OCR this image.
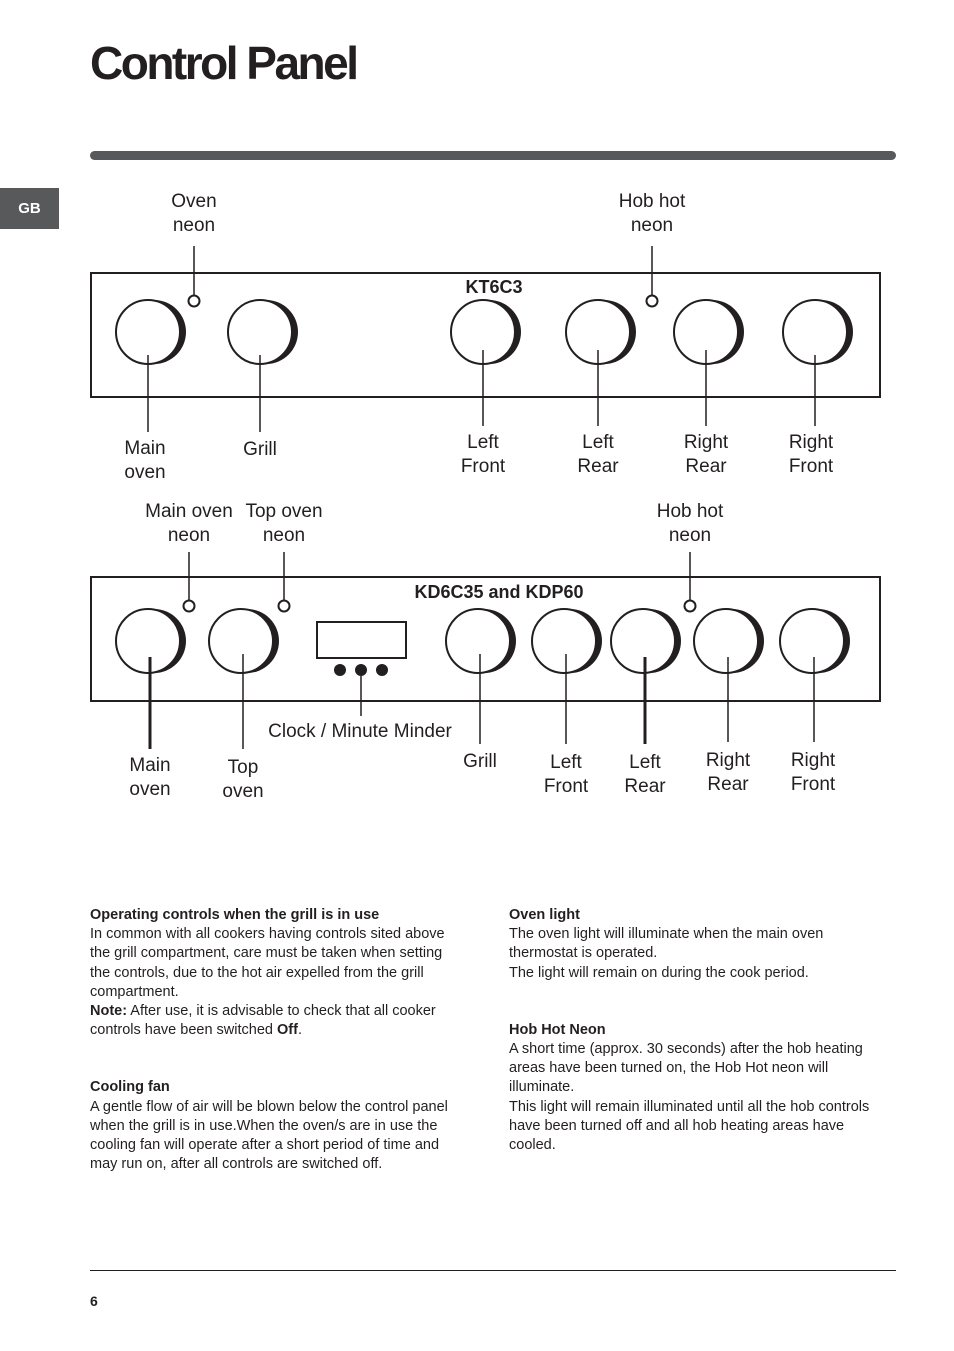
Control Panel
GB
KT6C3
Oven
neon
Hob hot
neon
Main
oven
Grill	Left
Front
Left
Rear
Right
Rear
Right
Front
KD6C35 and KDP60
Main oven
neon
Top oven
neon
Hob hot
neon
Clock / Minute Minder
Main
oven
Top
oven
Grill	Left
Front
Left
Rear
Right
Rear
Right
Front
Operating controls when the grill is in use

In common with all cookers having controls sited above the grill compartment, care must be taken when setting the controls, due to the hot air expelled from the grill compartment.
Note: After use, it is advisable to check that all cooker controls have been switched Off.

Cooling fan

A gentle flow of air will be blown below the control panel when the grill is in use.When the oven/s are in use the cooling fan will operate after a short period of time and may run on, after all controls are switched off.

Oven light

The oven light will illuminate when the main oven thermostat is operated.

The light will remain on during the cook period.

Hob Hot Neon

A short time (approx. 30 seconds) after the hob heating areas have been turned on, the Hob Hot neon will illuminate.

This light will remain illuminated until all the hob controls have been turned off and all hob heating areas have cooled.

6
